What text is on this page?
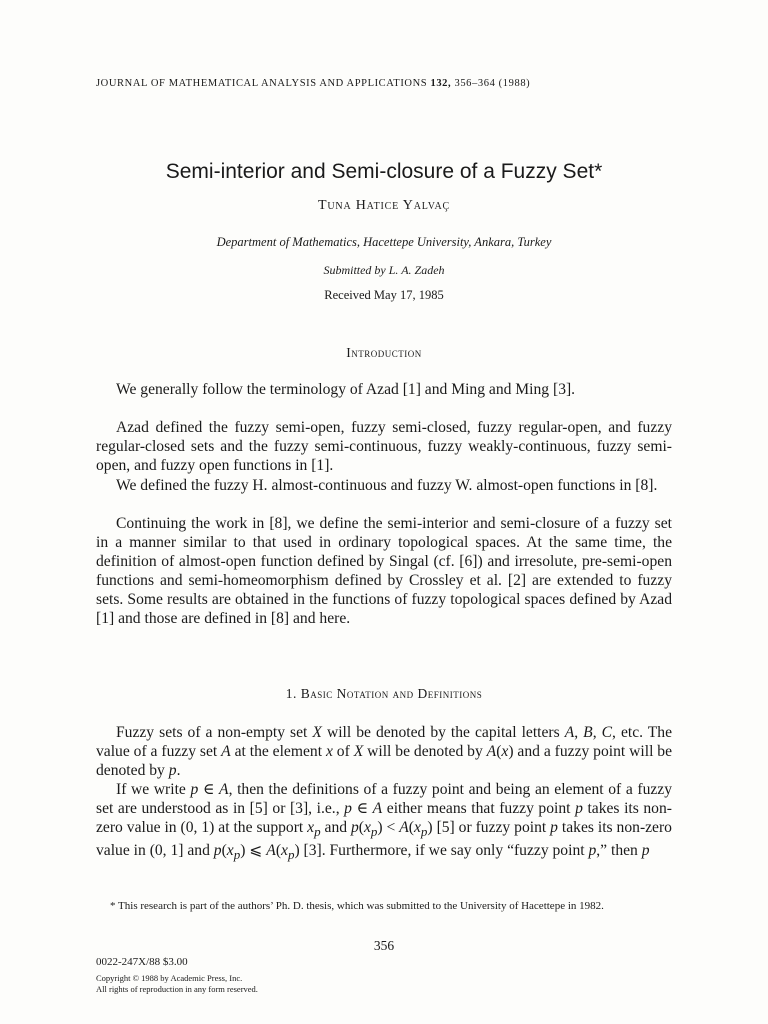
JOURNAL OF MATHEMATICAL ANALYSIS AND APPLICATIONS 132, 356–364 (1988)
Semi-interior and Semi-closure of a Fuzzy Set*
Tuna Hatice Yalvaç
Department of Mathematics, Hacettepe University, Ankara, Turkey
Submitted by L. A. Zadeh
Received May 17, 1985
Introduction

We generally follow the terminology of Azad [1] and Ming and Ming [3].

Azad defined the fuzzy semi-open, fuzzy semi-closed, fuzzy regular-open, and fuzzy regular-closed sets and the fuzzy semi-continuous, fuzzy weakly-continuous, fuzzy semi-open, and fuzzy open functions in [1].

We defined the fuzzy H. almost-continuous and fuzzy W. almost-open functions in [8].

Continuing the work in [8], we define the semi-interior and semi-closure of a fuzzy set in a manner similar to that used in ordinary topological spaces. At the same time, the definition of almost-open function defined by Singal (cf. [6]) and irresolute, pre-semi-open functions and semi-homeomorphism defined by Crossley et al. [2] are extended to fuzzy sets. Some results are obtained in the functions of fuzzy topological spaces defined by Azad [1] and those are defined in [8] and here.

1. Basic Notation and Definitions

Fuzzy sets of a non-empty set X will be denoted by the capital letters A, B, C, etc. The value of a fuzzy set A at the element x of X will be denoted by A(x) and a fuzzy point will be denoted by p.

If we write p ∈ A, then the definitions of a fuzzy point and being an element of a fuzzy set are understood as in [5] or [3], i.e., p ∈ A either means that fuzzy point p takes its non-zero value in (0, 1) at the support $x_p$ and $p(x_p) < A(x_p)$ [5] or fuzzy point p takes its non-zero value in (0, 1] and $p(x_p)$ ⩽ $A(x_p)$ [3]. Furthermore, if we say only “fuzzy point p,” then p

* This research is part of the authors’ Ph. D. thesis, which was submitted to the University of Hacettepe in 1982.
356
0022-247X/88 $3.00
Copyright © 1988 by Academic Press, Inc.
All rights of reproduction in any form reserved.
